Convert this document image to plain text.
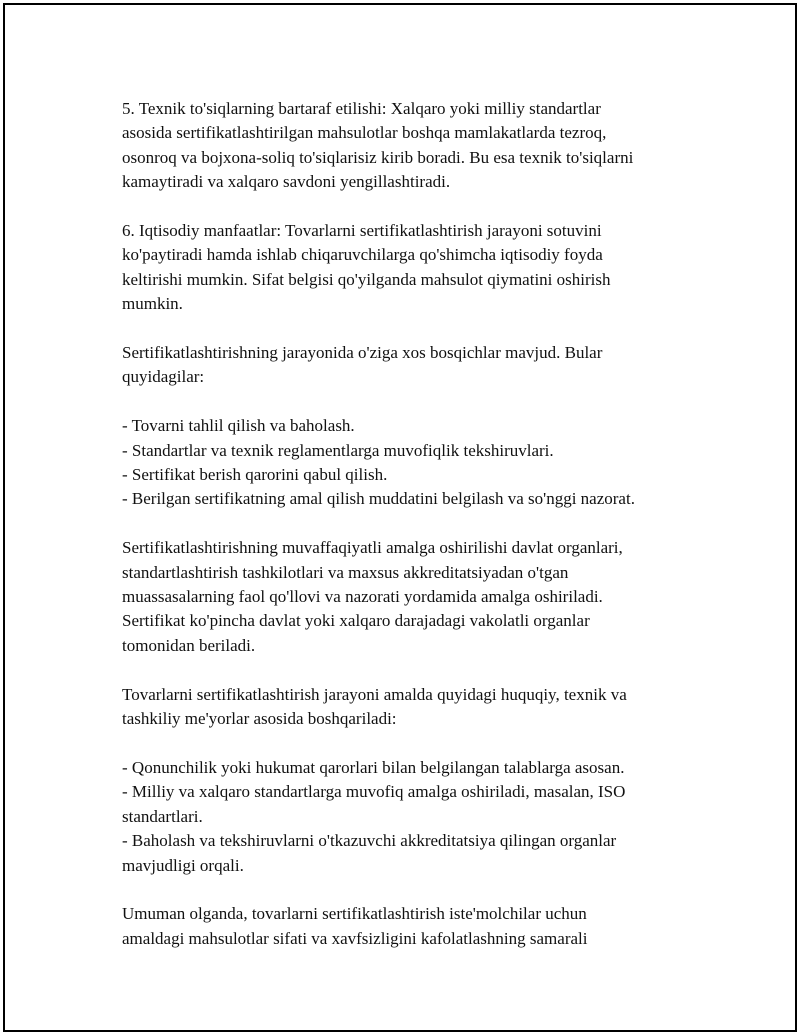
5. Texnik to'siqlarning bartaraf etilishi: Xalqaro yoki milliy standartlar
asosida sertifikatlashtirilgan mahsulotlar boshqa mamlakatlarda tezroq,
osonroq va bojxona-soliq to'siqlarisiz kirib boradi. Bu esa texnik to'siqlarni
kamaytiradi va xalqaro savdoni yengillashtiradi.

6. Iqtisodiy manfaatlar: Tovarlarni sertifikatlashtirish jarayoni sotuvini
ko'paytiradi hamda ishlab chiqaruvchilarga qo'shimcha iqtisodiy foyda
keltirishi mumkin. Sifat belgisi qo'yilganda mahsulot qiymatini oshirish
mumkin.

Sertifikatlashtirishning jarayonida o'ziga xos bosqichlar mavjud. Bular
quyidagilar:

- Tovarni tahlil qilish va baholash.
- Standartlar va texnik reglamentlarga muvofiqlik tekshiruvlari.
- Sertifikat berish qarorini qabul qilish.
- Berilgan sertifikatning amal qilish muddatini belgilash va so'nggi nazorat.

Sertifikatlashtirishning muvaffaqiyatli amalga oshirilishi davlat organlari,
standartlashtirish tashkilotlari va maxsus akkreditatsiyadan o'tgan
muassasalarning faol qo'llovi va nazorati yordamida amalga oshiriladi.
Sertifikat ko'pincha davlat yoki xalqaro darajadagi vakolatli organlar
tomonidan beriladi.

Tovarlarni sertifikatlashtirish jarayoni amalda quyidagi huquqiy, texnik va
tashkiliy me'yorlar asosida boshqariladi:

- Qonunchilik yoki hukumat qarorlari bilan belgilangan talablarga asosan.
- Milliy va xalqaro standartlarga muvofiq amalga oshiriladi, masalan, ISO
standartlari.
- Baholash va tekshiruvlarni o'tkazuvchi akkreditatsiya qilingan organlar
mavjudligi orqali.

Umuman olganda, tovarlarni sertifikatlashtirish iste'molchilar uchun
amaldagi mahsulotlar sifati va xavfsizligini kafolatlashning samarali
